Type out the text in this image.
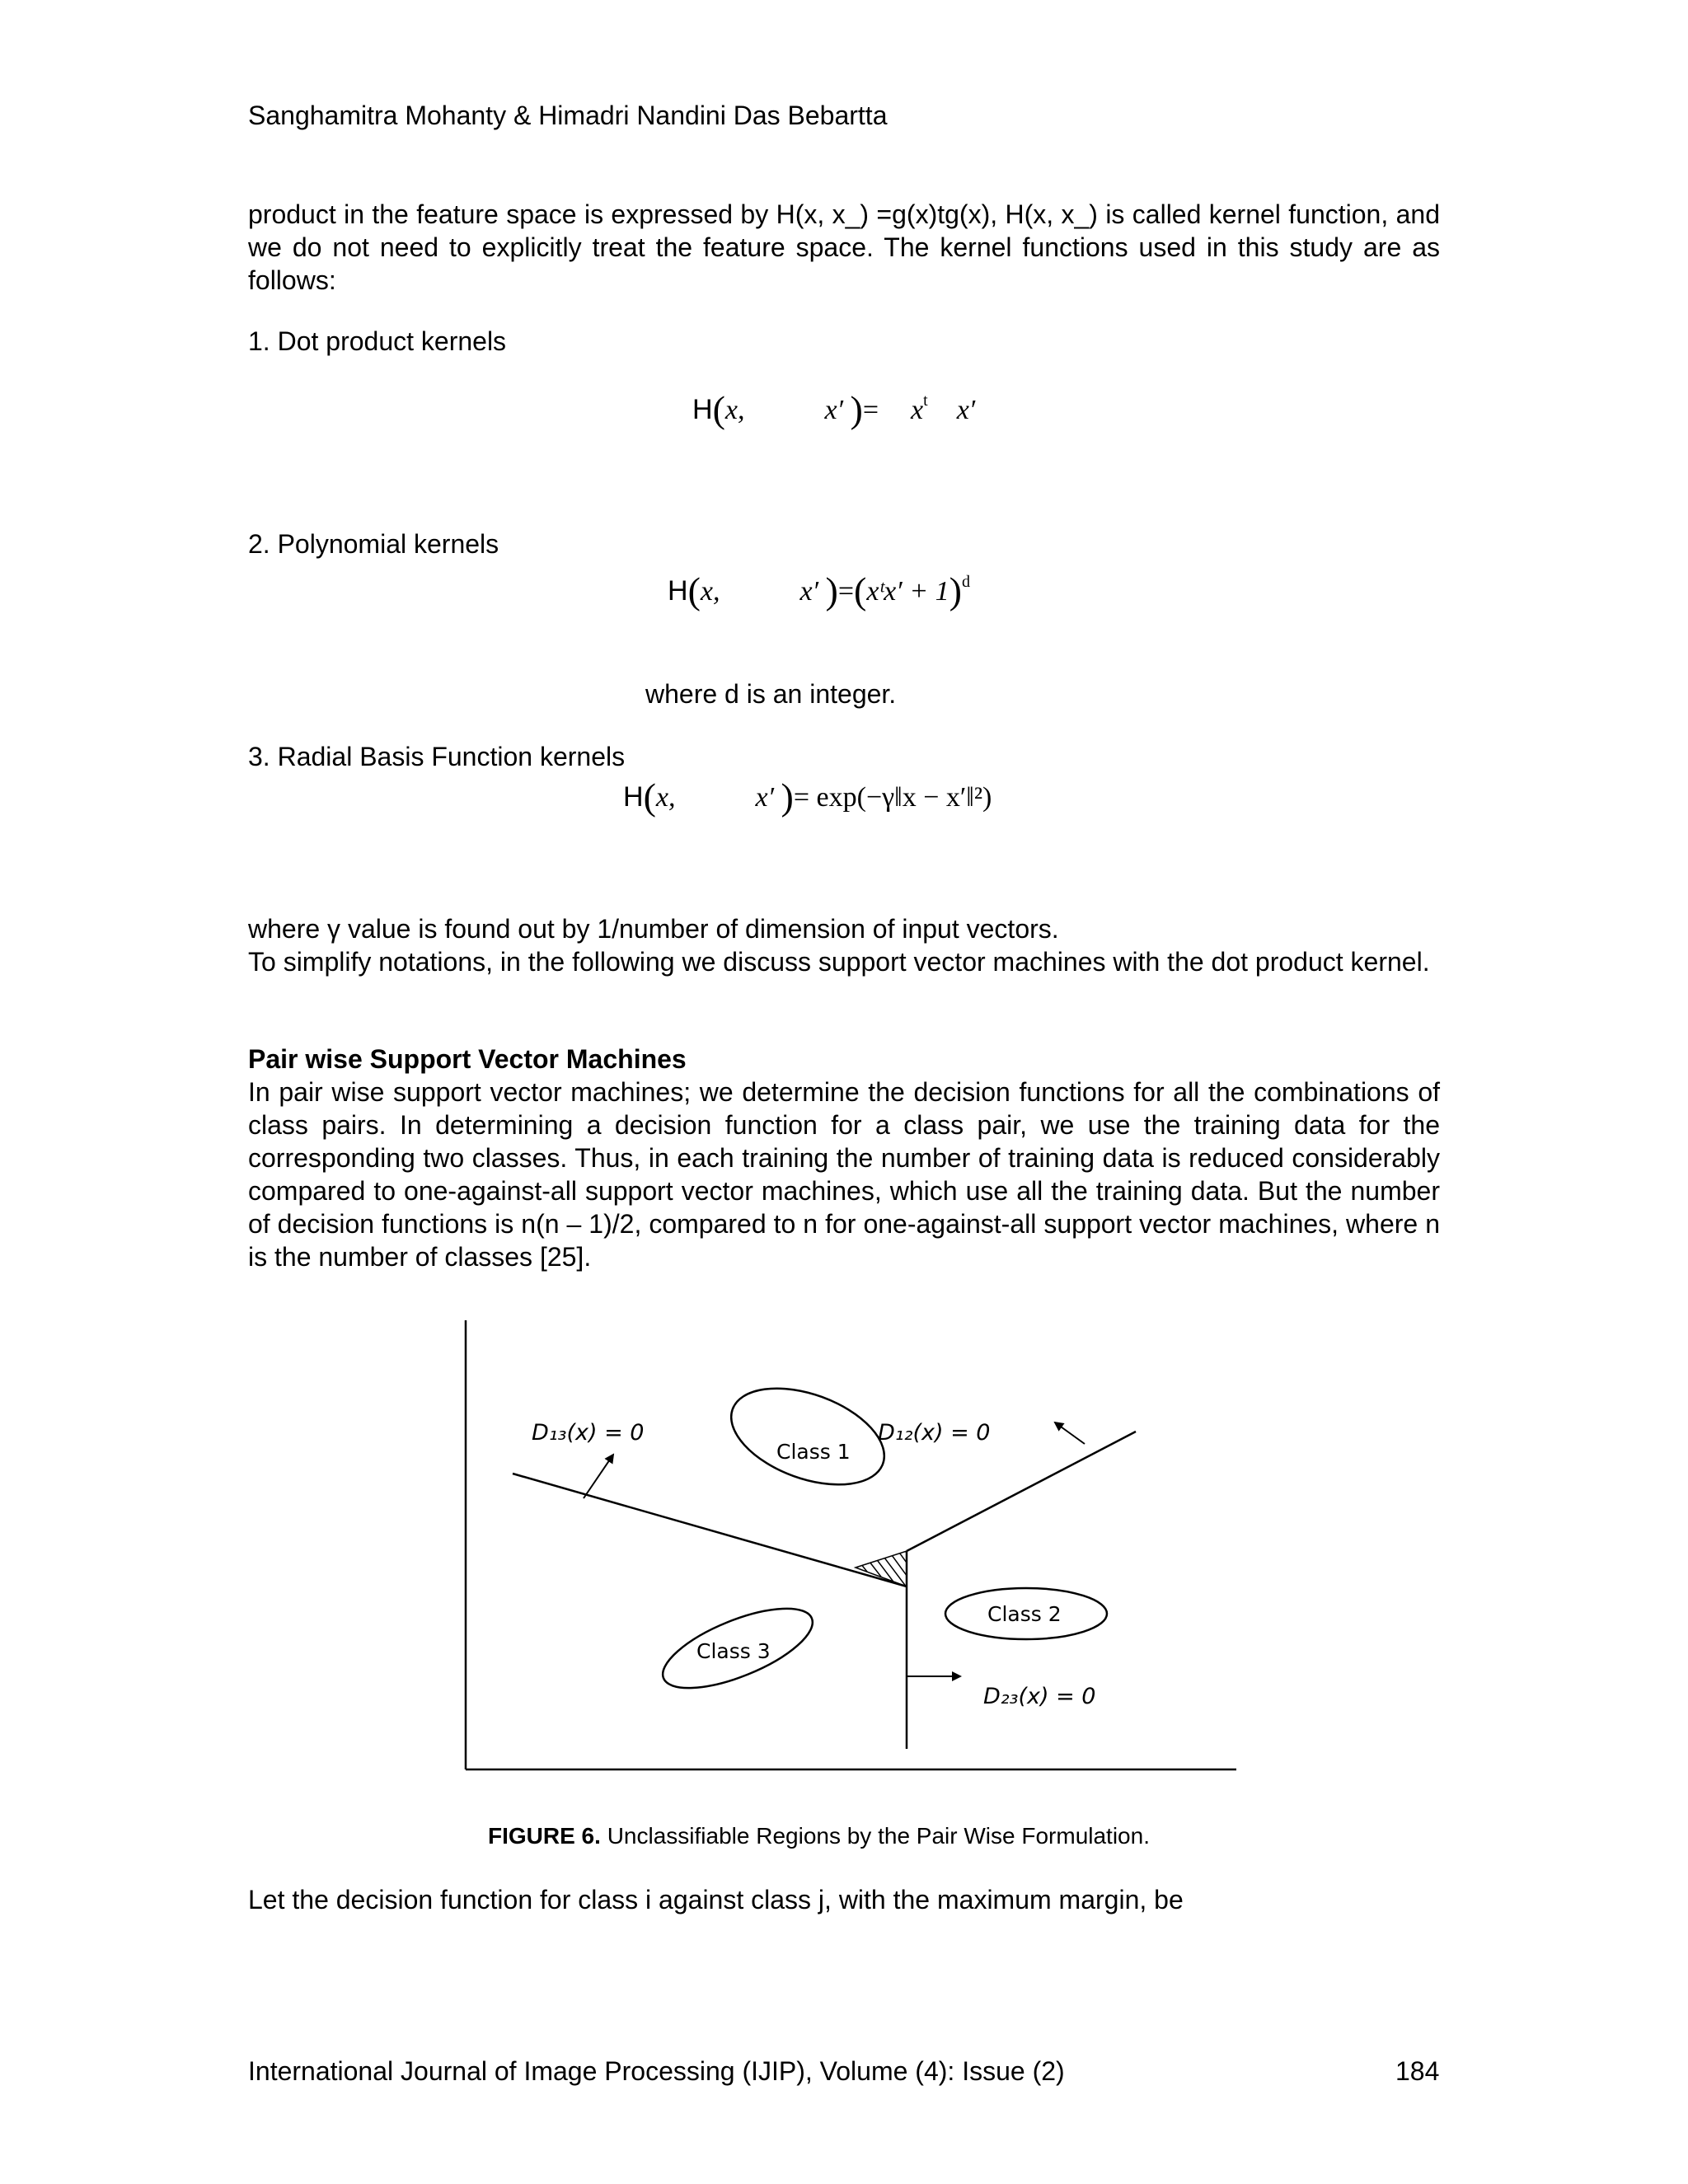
Sanghamitra Mohanty & Himadri Nandini Das Bebartta
product in the feature space is expressed by H(x, x_) =g(x)tg(x), H(x, x_) is called kernel function, and we do not need to explicitly treat the feature space. The kernel functions used in this study are as follows:
1. Dot product kernels
H(x,	x′ )= $x^t$ x′
2. Polynomial kernels
H(x,	x′ )=(xᵗx′ + 1)$^d$
where d is an integer.
3. Radial Basis Function kernels
H(x,	x′ )= exp(−γ‖x − x′‖²)
where γ value is found out by 1/number of dimension of input vectors.
To simplify notations, in the following we discuss support vector machines with the dot product kernel.
Pair wise Support Vector Machines
In pair wise support vector machines; we determine the decision functions for all the combinations of class pairs. In determining a decision function for a class pair, we use the training data for the corresponding two classes. Thus, in each training the number of training data is reduced considerably compared to one-against-all support vector machines, which use all the training data. But the number of decision functions is n(n – 1)/2, compared to n for one-against-all support vector machines, where n is the number of classes [25].
Class 1
Class 2
Class 3
D₁₃(x) = 0	D₁₂(x) = 0
D₂₃(x) = 0
FIGURE 6. Unclassifiable Regions by the Pair Wise Formulation.
Let the decision function for class i against class j, with the maximum margin, be
International Journal of Image Processing (IJIP), Volume (4): Issue (2)	184
